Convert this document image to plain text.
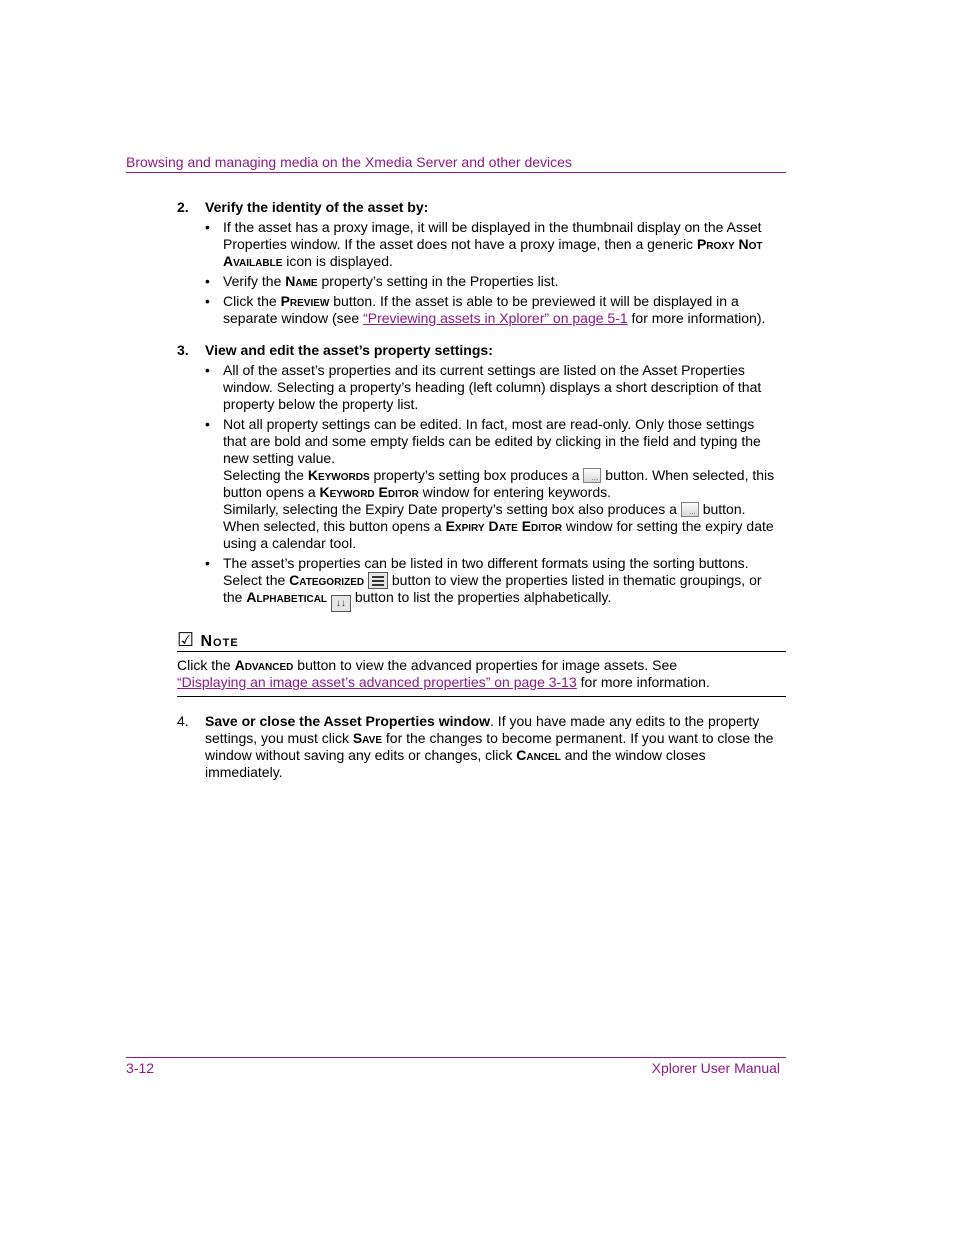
Browsing and managing media on the Xmedia Server and other devices
2. Verify the identity of the asset by:
• If the asset has a proxy image, it will be displayed in the thumbnail display on the Asset Properties window. If the asset does not have a proxy image, then a generic Proxy Not Available icon is displayed.
• Verify the Name property’s setting in the Properties list.
• Click the Preview button. If the asset is able to be previewed it will be displayed in a separate window (see “Previewing assets in Xplorer” on page 5-1 for more information).
3. View and edit the asset’s property settings:
• All of the asset’s properties and its current settings are listed on the Asset Properties window. Selecting a property’s heading (left column) displays a short description of that property below the property list.
• Not all property settings can be edited. In fact, most are read-only. Only those settings that are bold and some empty fields can be edited by clicking in the field and typing the new setting value.
Selecting the Keywords property’s setting box produces a … button. When selected, this button opens a Keyword Editor window for entering keywords.
Similarly, selecting the Expiry Date property’s setting box also produces a … button. When selected, this button opens a Expiry Date Editor window for setting the expiry date using a calendar tool.
• The asset’s properties can be listed in two different formats using the sorting buttons. Select the Categorized
button to view the properties listed in thematic groupings, or the Alphabetical ↓↓ button to list the properties alphabetically.
☑ Note
Click the Advanced button to view the advanced properties for image assets. See
“Displaying an image asset’s advanced properties” on page 3-13 for more information.
4. Save or close the Asset Properties window. If you have made any edits to the property settings, you must click Save for the changes to become permanent. If you want to close the window without saving any edits or changes, click Cancel and the window closes immediately.
3-12	Xplorer User Manual
